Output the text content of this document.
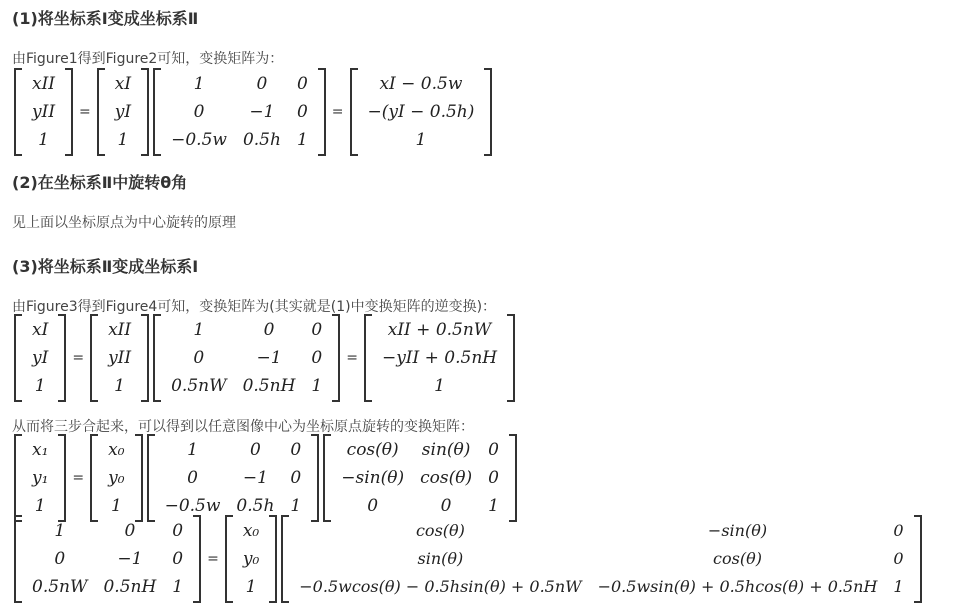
(1)将坐标系Ⅰ变成坐标系Ⅱ
由Figure1得到Figure2可知，变换矩阵为：
xII
yII
1
=
xI
yI
1
1	0	0
0	−1	0
−0.5w 0.5h 1
=
xI − 0.5w
−(yI − 0.5h)
1
(2)在坐标系Ⅱ中旋转θ角
见上面以坐标原点为中心旋转的原理
(3)将坐标系Ⅱ变成坐标系Ⅰ
由Figure3得到Figure4可知，变换矩阵为(其实就是(1)中变换矩阵的逆变换)：
xI
yI
1
=
xII
yII
1
1	0	0
0	−1	0
0.5nW 0.5nH 1
=
xII + 0.5nW
−yII + 0.5nH
1
从而将三步合起来，可以得到以任意图像中心为坐标原点旋转的变换矩阵：
x₁
y₁
1
=
x₀
y₀
1
1	0	0
0	−1	0
−0.5w 0.5h 1
cos(θ)	sin(θ)	0
−sin(θ) cos(θ) 0
0	0	1
1	0	0
0	−1	0
0.5nW 0.5nH 1
=
x₀
y₀
1
cos(θ)	−sin(θ)	0
sin(θ)	cos(θ)	0
−0.5wcos(θ) − 0.5hsin(θ) + 0.5nW	−0.5wsin(θ) + 0.5hcos(θ) + 0.5nH	1
